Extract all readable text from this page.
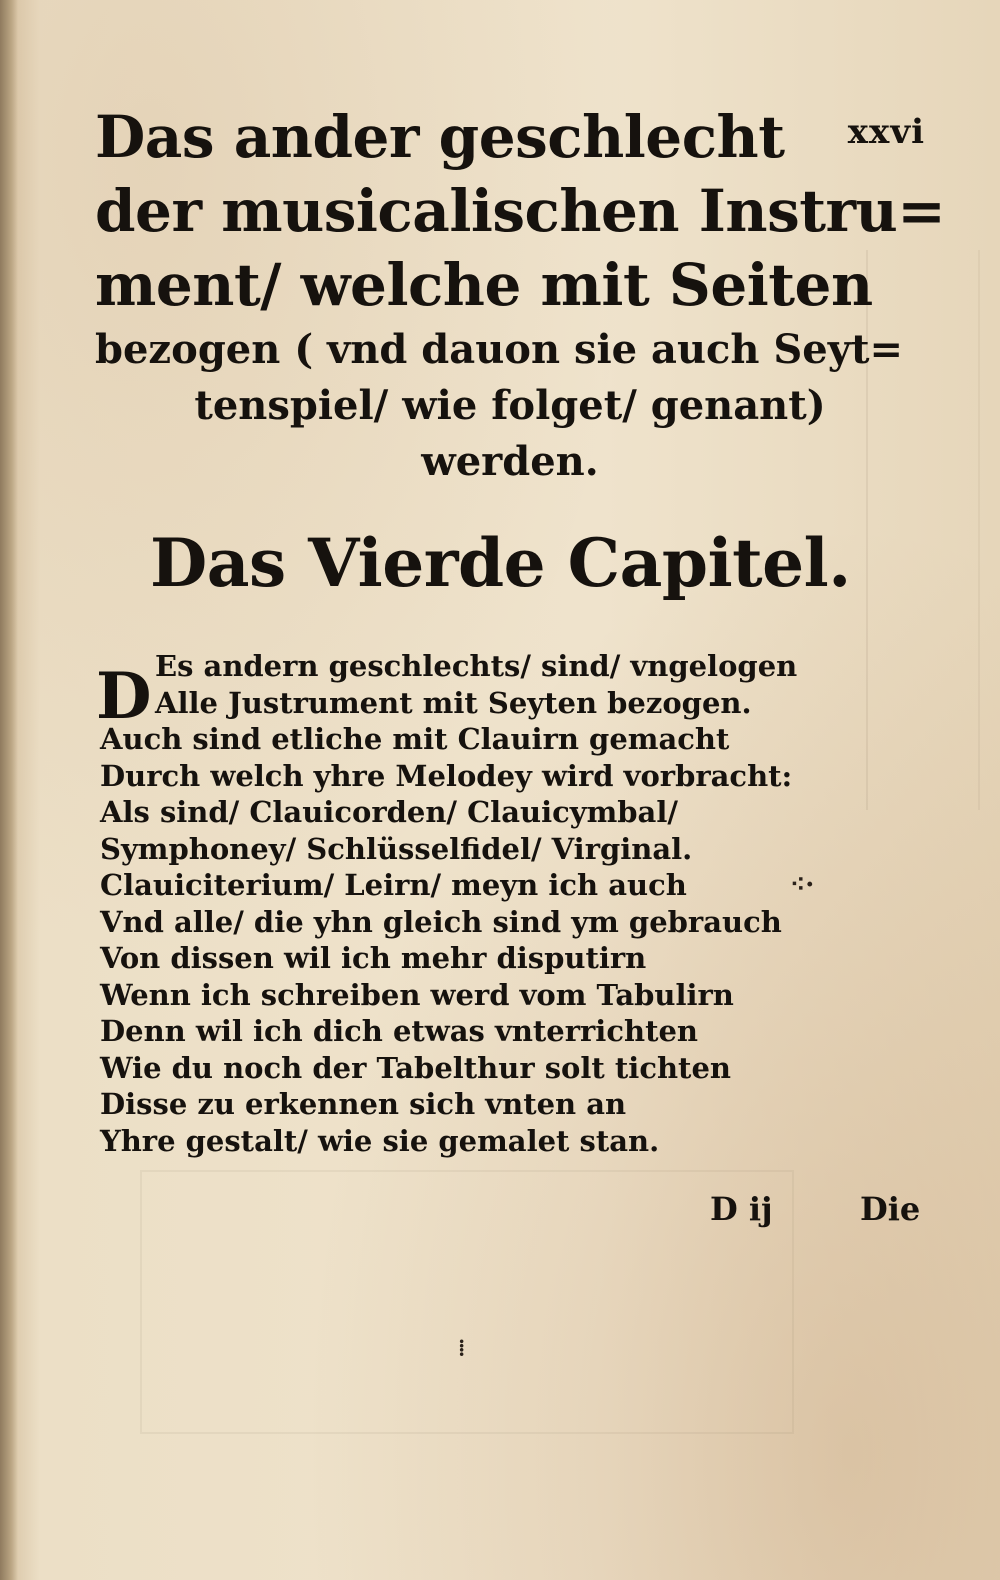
xxvi
Das ander geschlecht
der musicalischen Instru=
ment/ welche mit Seiten
bezogen ( vnd dauon sie auch Seyt=
tenspiel/ wie folget/ genant)
werden.
Das Vierde Capitel.
D Es andern geschlechts/ sind/ vngelogen
Alle Justrument mit Seyten bezogen.
Auch sind etliche mit Clauirn gemacht
Durch welch yhre Melodey wird vorbracht:
Als sind/ Clauicorden/ Clauicymbal/
Symphoney/ Schlüsselfidel/ Virginal.
Clauiciterium/ Leirn/ meyn ich auch
Vnd alle/ die yhn gleich sind ym gebrauch
Von dissen wil ich mehr disputirn
Wenn ich schreiben werd vom Tabulirn
Denn wil ich dich etwas vnterrichten
Wie du noch der Tabelthur solt tichten
Disse zu erkennen sich vnten an
Yhre gestalt/ wie sie gemalet stan.
⁖·
⁞
D ij	Die
